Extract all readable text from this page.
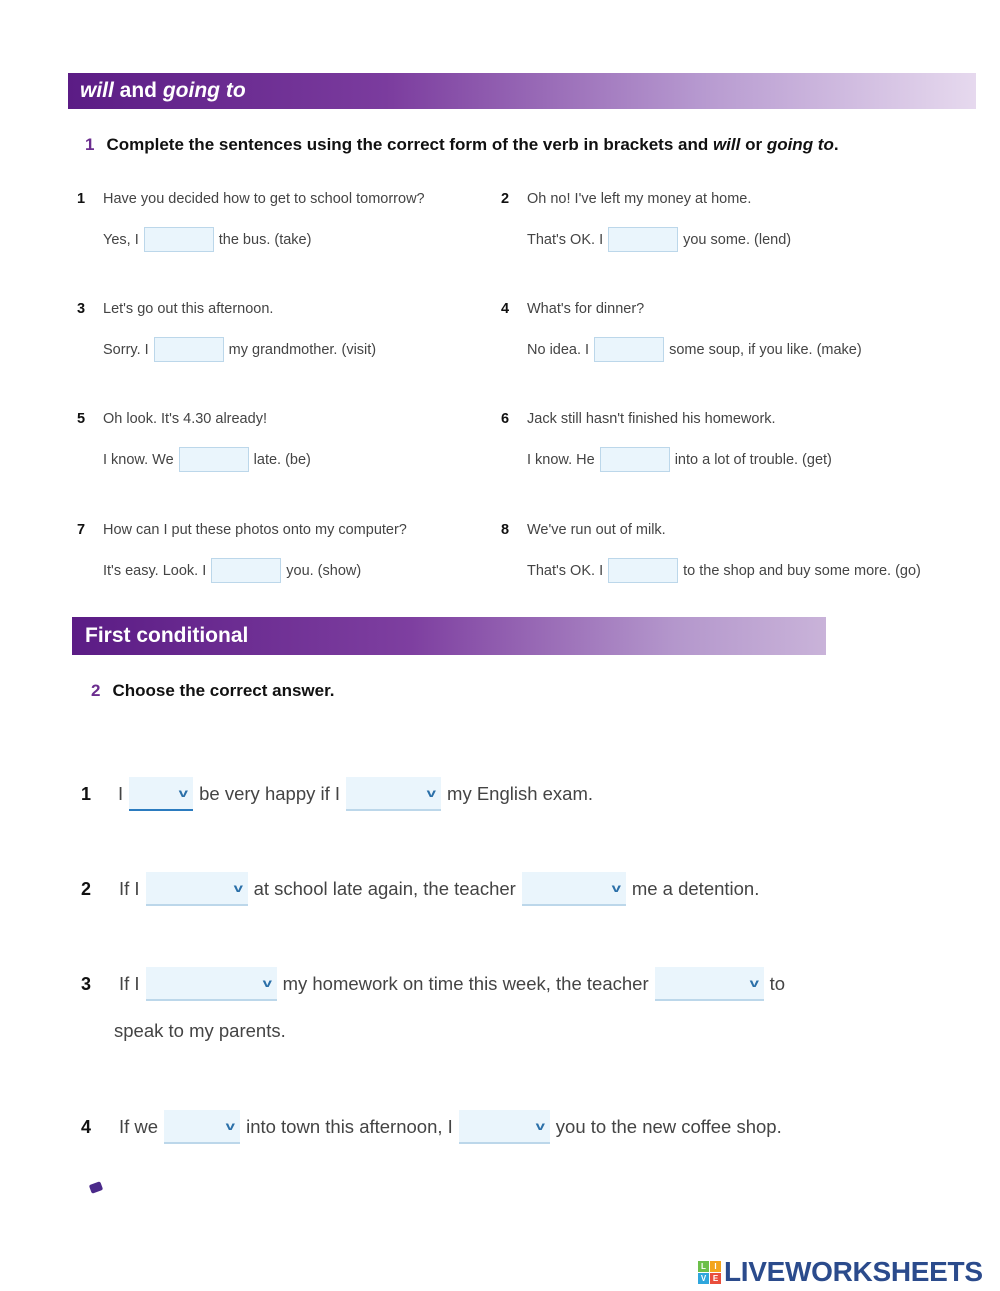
will and going to
1 Complete the sentences using the correct form of the verb in brackets and will or going to.
1 Have you decided how to get to school tomorrow?
Yes, I	the bus. (take)
2 Oh no! I've left my money at home.
That's OK. I	you some. (lend)
3 Let's go out this afternoon.
Sorry. I	my grandmother. (visit)
4 What's for dinner?
No idea. I	some soup, if you like. (make)
5 Oh look. It's 4.30 already!
I know. We	late. (be)
6 Jack still hasn't finished his homework.
I know. He	into a lot of trouble. (get)
7 How can I put these photos onto my computer?
It's easy. Look. I	you. (show)
8 We've run out of milk.
That's OK. I	to the shop and buy some more. (go)
First conditional
2 Choose the correct answer.
1 I	v be very happy if I	v my English exam.
2 If I	v at school late again, the teacher	v me a detention.
3 If I	v my homework on time this week, the teacher	v to
speak to my parents.
4 If we	v into town this afternoon, I	v you to the new coffee shop.
L	I
V E LIVEWORKSHEETS
